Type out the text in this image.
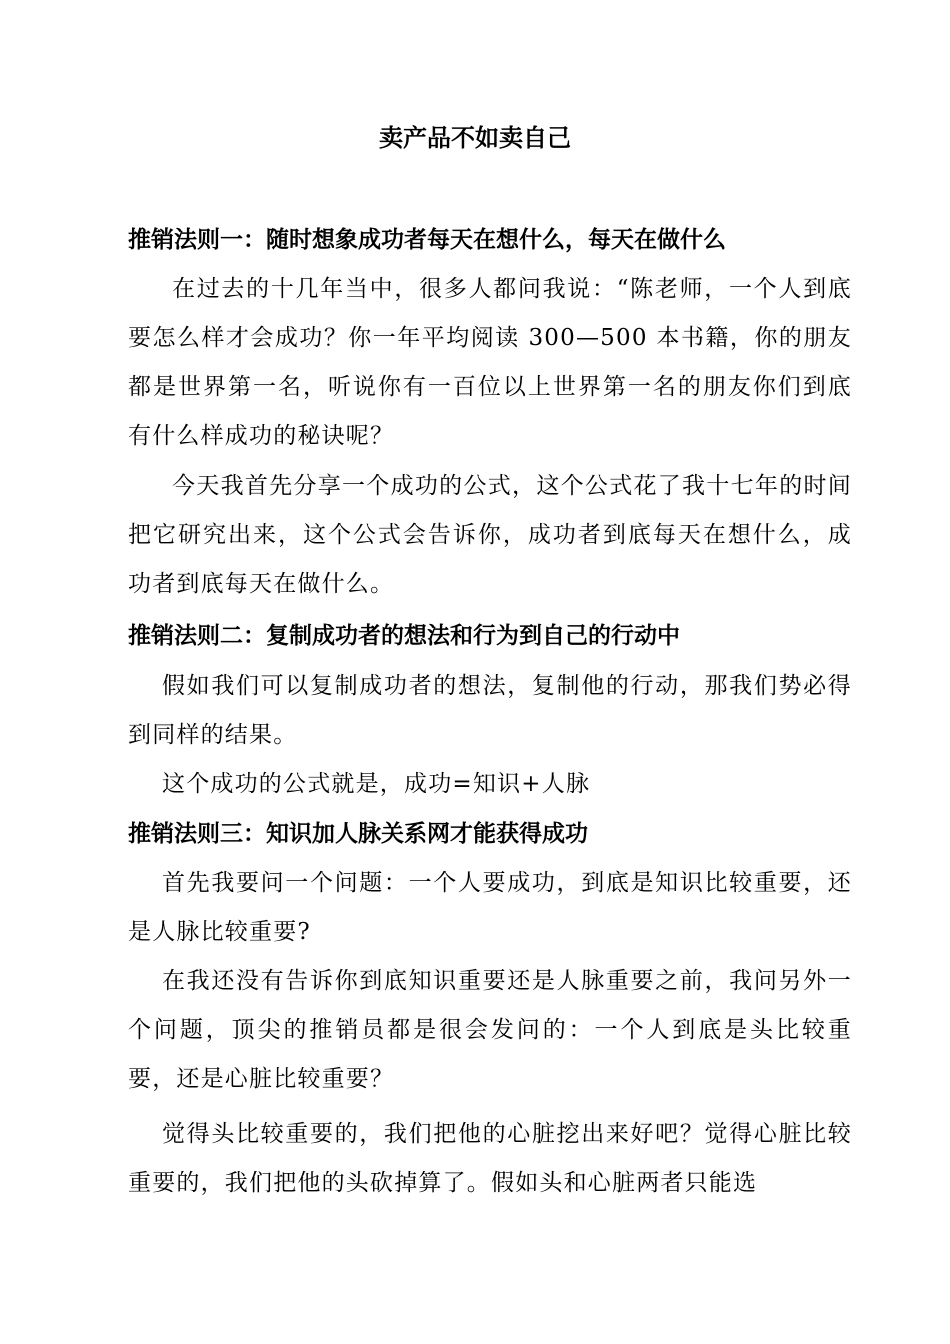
卖产品不如卖自己
推销法则一：随时想象成功者每天在想什么，每天在做什么

在过去的十几年当中，很多人都问我说：“陈老师，一个人到底要怎么样才会成功？你一年平均阅读 300—500 本书籍，你的朋友都是世界第一名，听说你有一百位以上世界第一名的朋友你们到底有什么样成功的秘诀呢？

今天我首先分享一个成功的公式，这个公式花了我十七年的时间把它研究出来，这个公式会告诉你，成功者到底每天在想什么，成功者到底每天在做什么。

推销法则二：复制成功者的想法和行为到自己的行动中

假如我们可以复制成功者的想法，复制他的行动，那我们势必得到同样的结果。

这个成功的公式就是，成功=知识+人脉

推销法则三：知识加人脉关系网才能获得成功

首先我要问一个问题：一个人要成功，到底是知识比较重要，还是人脉比较重要?

在我还没有告诉你到底知识重要还是人脉重要之前，我问另外一个问题，顶尖的推销员都是很会发问的：一个人到底是头比较重要，还是心脏比较重要？

觉得头比较重要的，我们把他的心脏挖出来好吧？觉得心脏比较重要的，我们把他的头砍掉算了。假如头和心脏两者只能选
